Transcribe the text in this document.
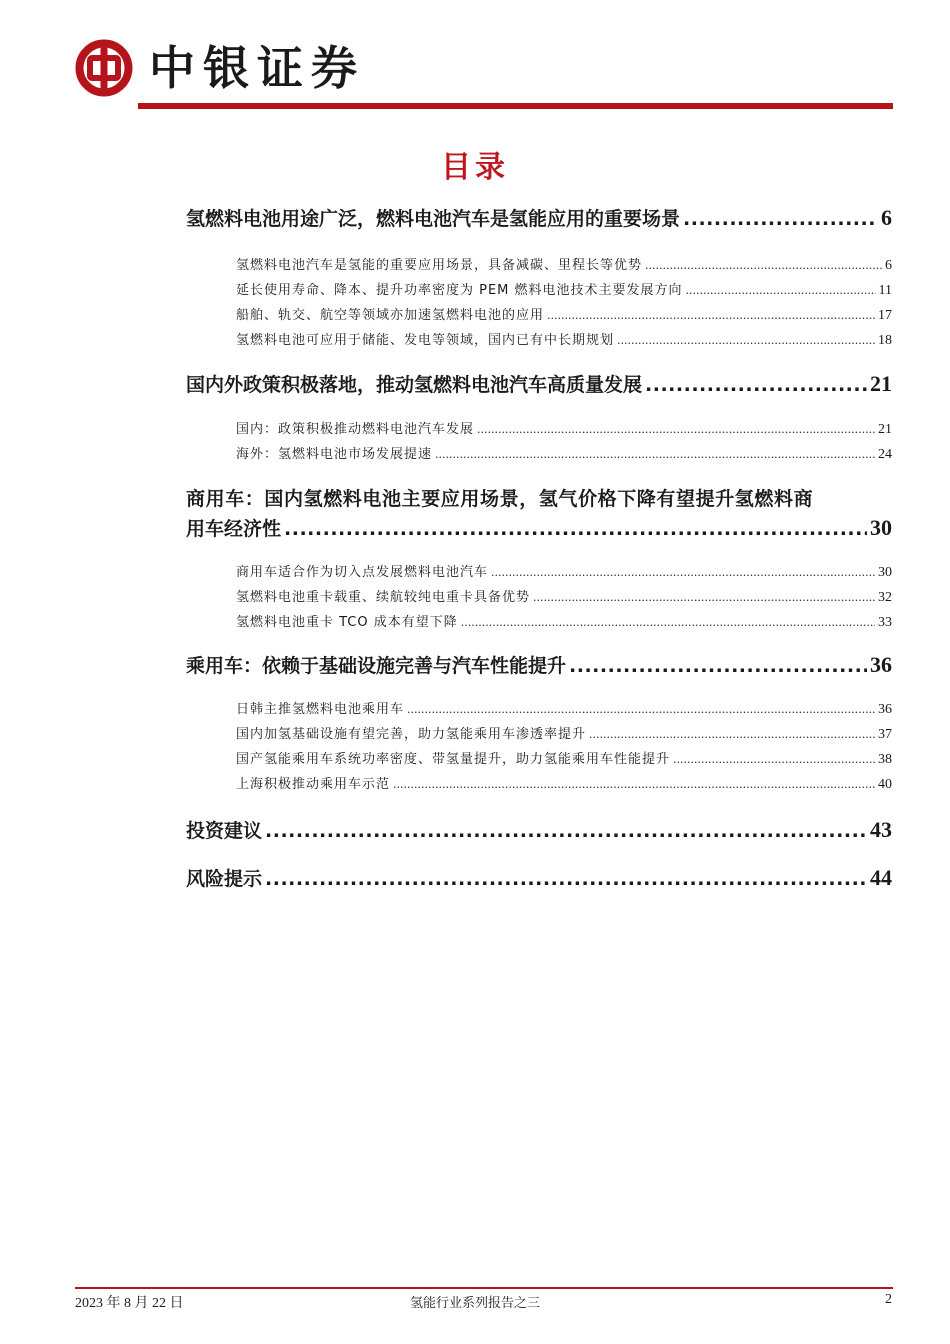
中银证券
目录
氢燃料电池用途广泛，燃料电池汽车是氢能应用的重要场景 .....	6
氢燃料电池汽车是氢能的重要应用场景，具备减碳、里程长等优势 .....	6
延长使用寿命、降本、提升功率密度为 PEM 燃料电池技术主要发展方向 .....	11
船舶、轨交、航空等领域亦加速氢燃料电池的应用 .....	17
氢燃料电池可应用于储能、发电等领域，国内已有中长期规划 .....	18
国内外政策积极落地，推动氢燃料电池汽车高质量发展 .....	21
国内：政策积极推动燃料电池汽车发展 .....	21
海外：氢燃料电池市场发展提速 .....	24
商用车：国内氢燃料电池主要应用场景，氢气价格下降有望提升氢燃料商
用车经济性 .....	30
商用车适合作为切入点发展燃料电池汽车 .....	30
氢燃料电池重卡载重、续航较纯电重卡具备优势 .....	32
氢燃料电池重卡 TCO 成本有望下降 .....	33
乘用车：依赖于基础设施完善与汽车性能提升 .....	36
日韩主推氢燃料电池乘用车 .....	36
国内加氢基础设施有望完善，助力氢能乘用车渗透率提升 .....	37
国产氢能乘用车系统功率密度、带氢量提升，助力氢能乘用车性能提升 .....	38
上海积极推动乘用车示范 .....	40
投资建议 .....	43
风险提示 .....	44
2023 年 8 月 22 日	氢能行业系列报告之三	2
